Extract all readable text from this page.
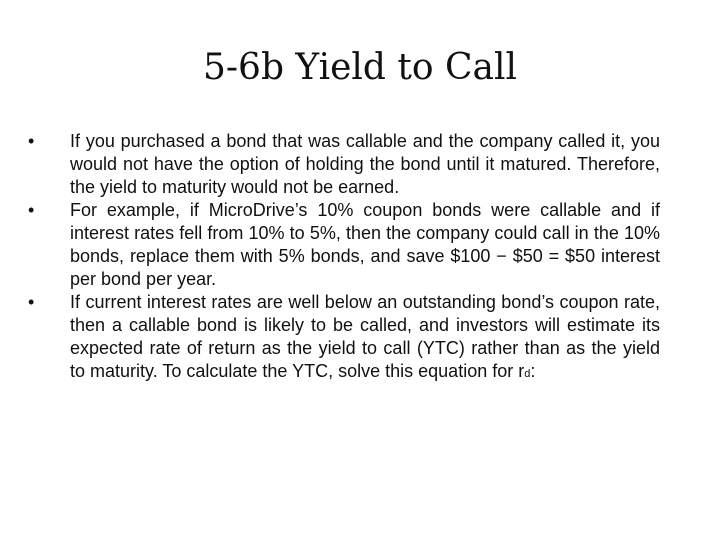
5-6b Yield to Call
• If you purchased a bond that was callable and the company called it, you would not have the option of holding the bond until it matured. Therefore, the yield to maturity would not be earned.
• For example, if MicroDrive’s 10% coupon bonds were callable and if interest rates fell from 10% to 5%, then the company could call in the 10% bonds, replace them with 5% bonds, and save $100 − $50 = $50 interest per bond per year.
• If current interest rates are well below an outstanding bond’s coupon rate, then a callable bond is likely to be called, and investors will estimate its expected rate of return as the yield to call (YTC) rather than as the yield to maturity. To calculate the YTC, solve this equation for rd:
